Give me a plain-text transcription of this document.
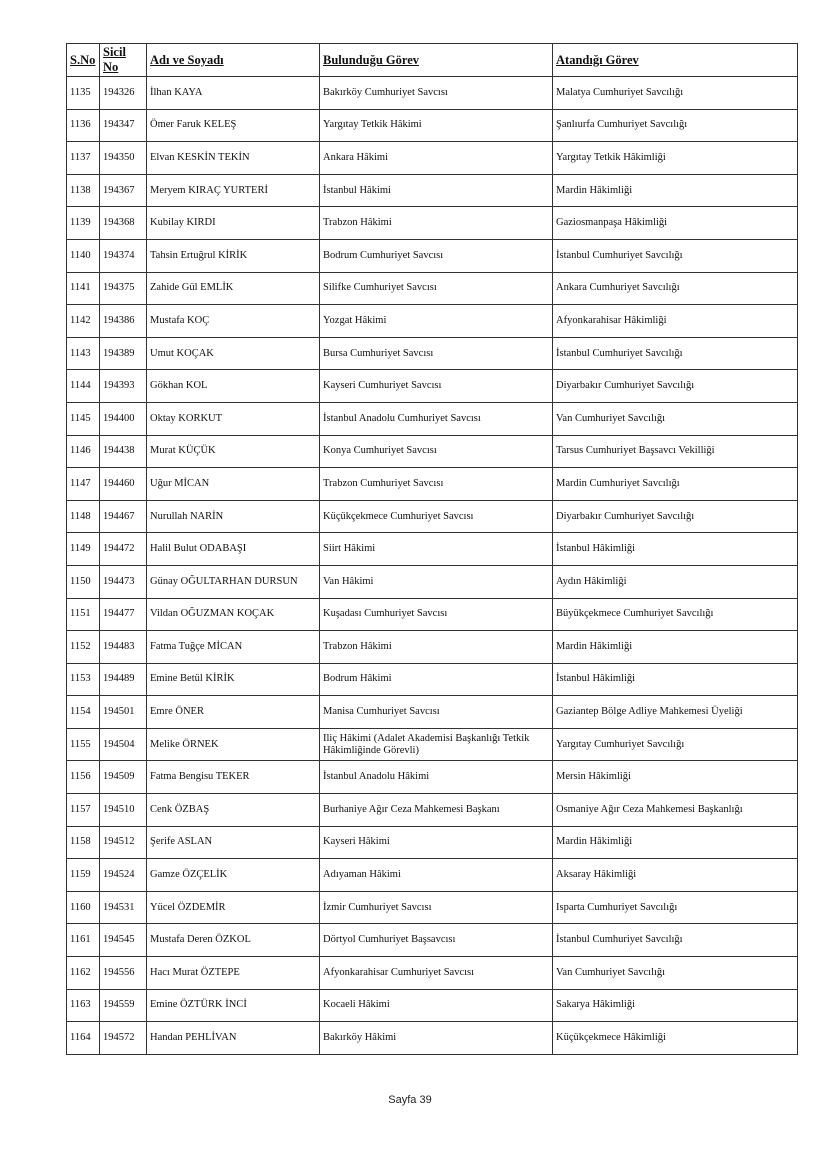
S.No	Sicil No	Adı ve Soyadı	Bulunduğu Görev	Atandığı Görev
1135	194326	İlhan KAYA	Bakırköy Cumhuriyet Savcısı	Malatya Cumhuriyet Savcılığı
1136	194347	Ömer Faruk KELEŞ	Yargıtay Tetkik Hâkimi	Şanlıurfa Cumhuriyet Savcılığı
1137	194350	Elvan KESKİN TEKİN	Ankara Hâkimi	Yargıtay Tetkik Hâkimliği
1138	194367	Meryem KIRAÇ YURTERİ	İstanbul Hâkimi	Mardin Hâkimliği
1139	194368	Kubilay KIRDI	Trabzon Hâkimi	Gaziosmanpaşa Hâkimliği
1140	194374	Tahsin Ertuğrul KİRİK	Bodrum Cumhuriyet Savcısı	İstanbul Cumhuriyet Savcılığı
1141	194375	Zahide Gül EMLİK	Silifke Cumhuriyet Savcısı	Ankara Cumhuriyet Savcılığı
1142	194386	Mustafa KOÇ	Yozgat Hâkimi	Afyonkarahisar Hâkimliği
1143	194389	Umut KOÇAK	Bursa Cumhuriyet Savcısı	İstanbul Cumhuriyet Savcılığı
1144	194393	Gökhan KOL	Kayseri Cumhuriyet Savcısı	Diyarbakır Cumhuriyet Savcılığı
1145	194400	Oktay KORKUT	İstanbul Anadolu Cumhuriyet Savcısı	Van Cumhuriyet Savcılığı
1146	194438	Murat KÜÇÜK	Konya Cumhuriyet Savcısı	Tarsus Cumhuriyet Başsavcı Vekilliği
1147	194460	Uğur MİCAN	Trabzon Cumhuriyet Savcısı	Mardin Cumhuriyet Savcılığı
1148	194467	Nurullah NARİN	Küçükçekmece Cumhuriyet Savcısı	Diyarbakır Cumhuriyet Savcılığı
1149	194472	Halil Bulut ODABAŞI	Siirt Hâkimi	İstanbul Hâkimliği
1150	194473	Günay OĞULTARHAN DURSUN	Van Hâkimi	Aydın Hâkimliği
1151	194477	Vildan OĞUZMAN KOÇAK	Kuşadası Cumhuriyet Savcısı	Büyükçekmece Cumhuriyet Savcılığı
1152	194483	Fatma Tuğçe MİCAN	Trabzon Hâkimi	Mardin Hâkimliği
1153	194489	Emine Betül KİRİK	Bodrum Hâkimi	İstanbul Hâkimliği
1154	194501	Emre ÖNER	Manisa Cumhuriyet Savcısı	Gaziantep Bölge Adliye Mahkemesi Üyeliği
1155	194504	Melike ÖRNEK	Iliç Hâkimi (Adalet Akademisi Başkanlığı Tetkik Hâkimliğinde Görevli)	Yargıtay Cumhuriyet Savcılığı
1156	194509	Fatma Bengisu TEKER	İstanbul Anadolu Hâkimi	Mersin Hâkimliği
1157	194510	Cenk ÖZBAŞ	Burhaniye Ağır Ceza Mahkemesi Başkanı	Osmaniye Ağır Ceza Mahkemesi Başkanlığı
1158	194512	Şerife ASLAN	Kayseri Hâkimi	Mardin Hâkimliği
1159	194524	Gamze ÖZÇELİK	Adıyaman Hâkimi	Aksaray Hâkimliği
1160	194531	Yücel ÖZDEMİR	İzmir Cumhuriyet Savcısı	Isparta Cumhuriyet Savcılığı
1161	194545	Mustafa Deren ÖZKOL	Dörtyol Cumhuriyet Başsavcısı	İstanbul Cumhuriyet Savcılığı
1162	194556	Hacı Murat ÖZTEPE	Afyonkarahisar Cumhuriyet Savcısı	Van Cumhuriyet Savcılığı
1163	194559	Emine ÖZTÜRK İNCİ	Kocaeli Hâkimi	Sakarya Hâkimliği
1164	194572	Handan PEHLİVAN	Bakırköy Hâkimi	Küçükçekmece Hâkimliği
Sayfa 39
